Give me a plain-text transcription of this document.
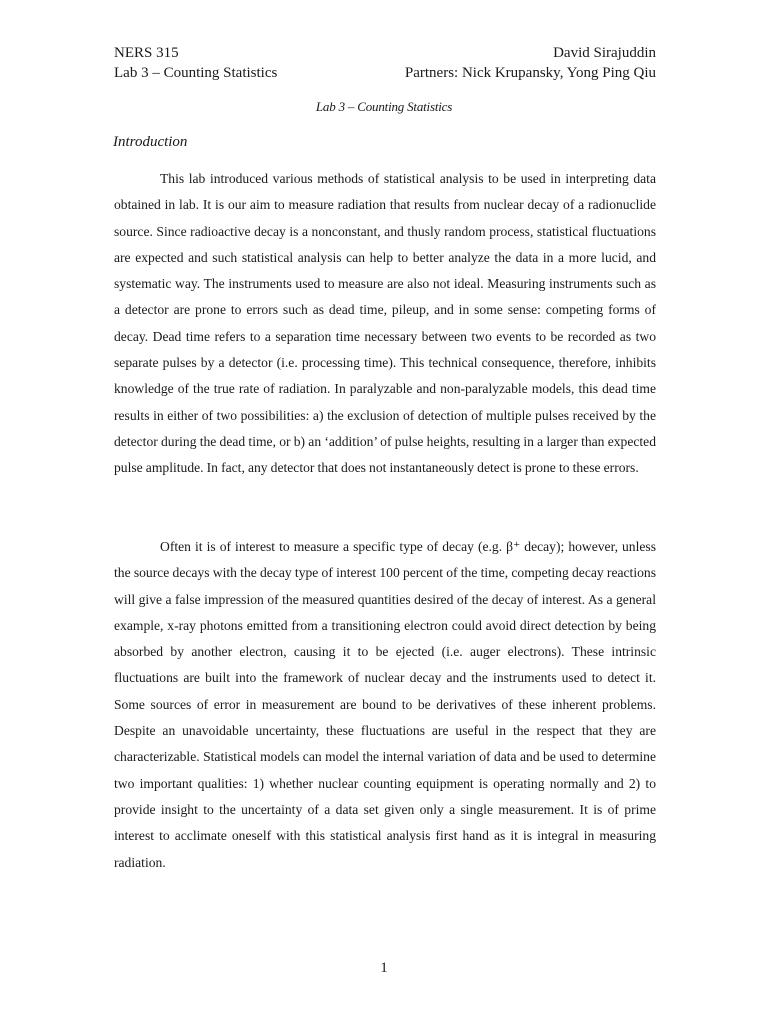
NERS 315	David Sirajuddin
Lab 3 – Counting Statistics	Partners: Nick Krupansky, Yong Ping Qiu
Lab 3 – Counting Statistics
Introduction

This lab introduced various methods of statistical analysis to be used in interpreting data obtained in lab. It is our aim to measure radiation that results from nuclear decay of a radionuclide source. Since radioactive decay is a nonconstant, and thusly random process, statistical fluctuations are expected and such statistical analysis can help to better analyze the data in a more lucid, and systematic way. The instruments used to measure are also not ideal. Measuring instruments such as a detector are prone to errors such as dead time, pileup, and in some sense: competing forms of decay. Dead time refers to a separation time necessary between two events to be recorded as two separate pulses by a detector (i.e. processing time). This technical consequence, therefore, inhibits knowledge of the true rate of radiation. In paralyzable and non-paralyzable models, this dead time results in either of two possibilities: a) the exclusion of detection of multiple pulses received by the detector during the dead time, or b) an ‘addition’ of pulse heights, resulting in a larger than expected pulse amplitude. In fact, any detector that does not instantaneously detect is prone to these errors.

Often it is of interest to measure a specific type of decay (e.g. β⁺ decay); however, unless the source decays with the decay type of interest 100 percent of the time, competing decay reactions will give a false impression of the measured quantities desired of the decay of interest. As a general example, x-ray photons emitted from a transitioning electron could avoid direct detection by being absorbed by another electron, causing it to be ejected (i.e. auger electrons). These intrinsic fluctuations are built into the framework of nuclear decay and the instruments used to detect it. Some sources of error in measurement are bound to be derivatives of these inherent problems. Despite an unavoidable uncertainty, these fluctuations are useful in the respect that they are characterizable. Statistical models can model the internal variation of data and be used to determine two important qualities: 1) whether nuclear counting equipment is operating normally and 2) to provide insight to the uncertainty of a data set given only a single measurement. It is of prime interest to acclimate oneself with this statistical analysis first hand as it is integral in measuring radiation.

1
